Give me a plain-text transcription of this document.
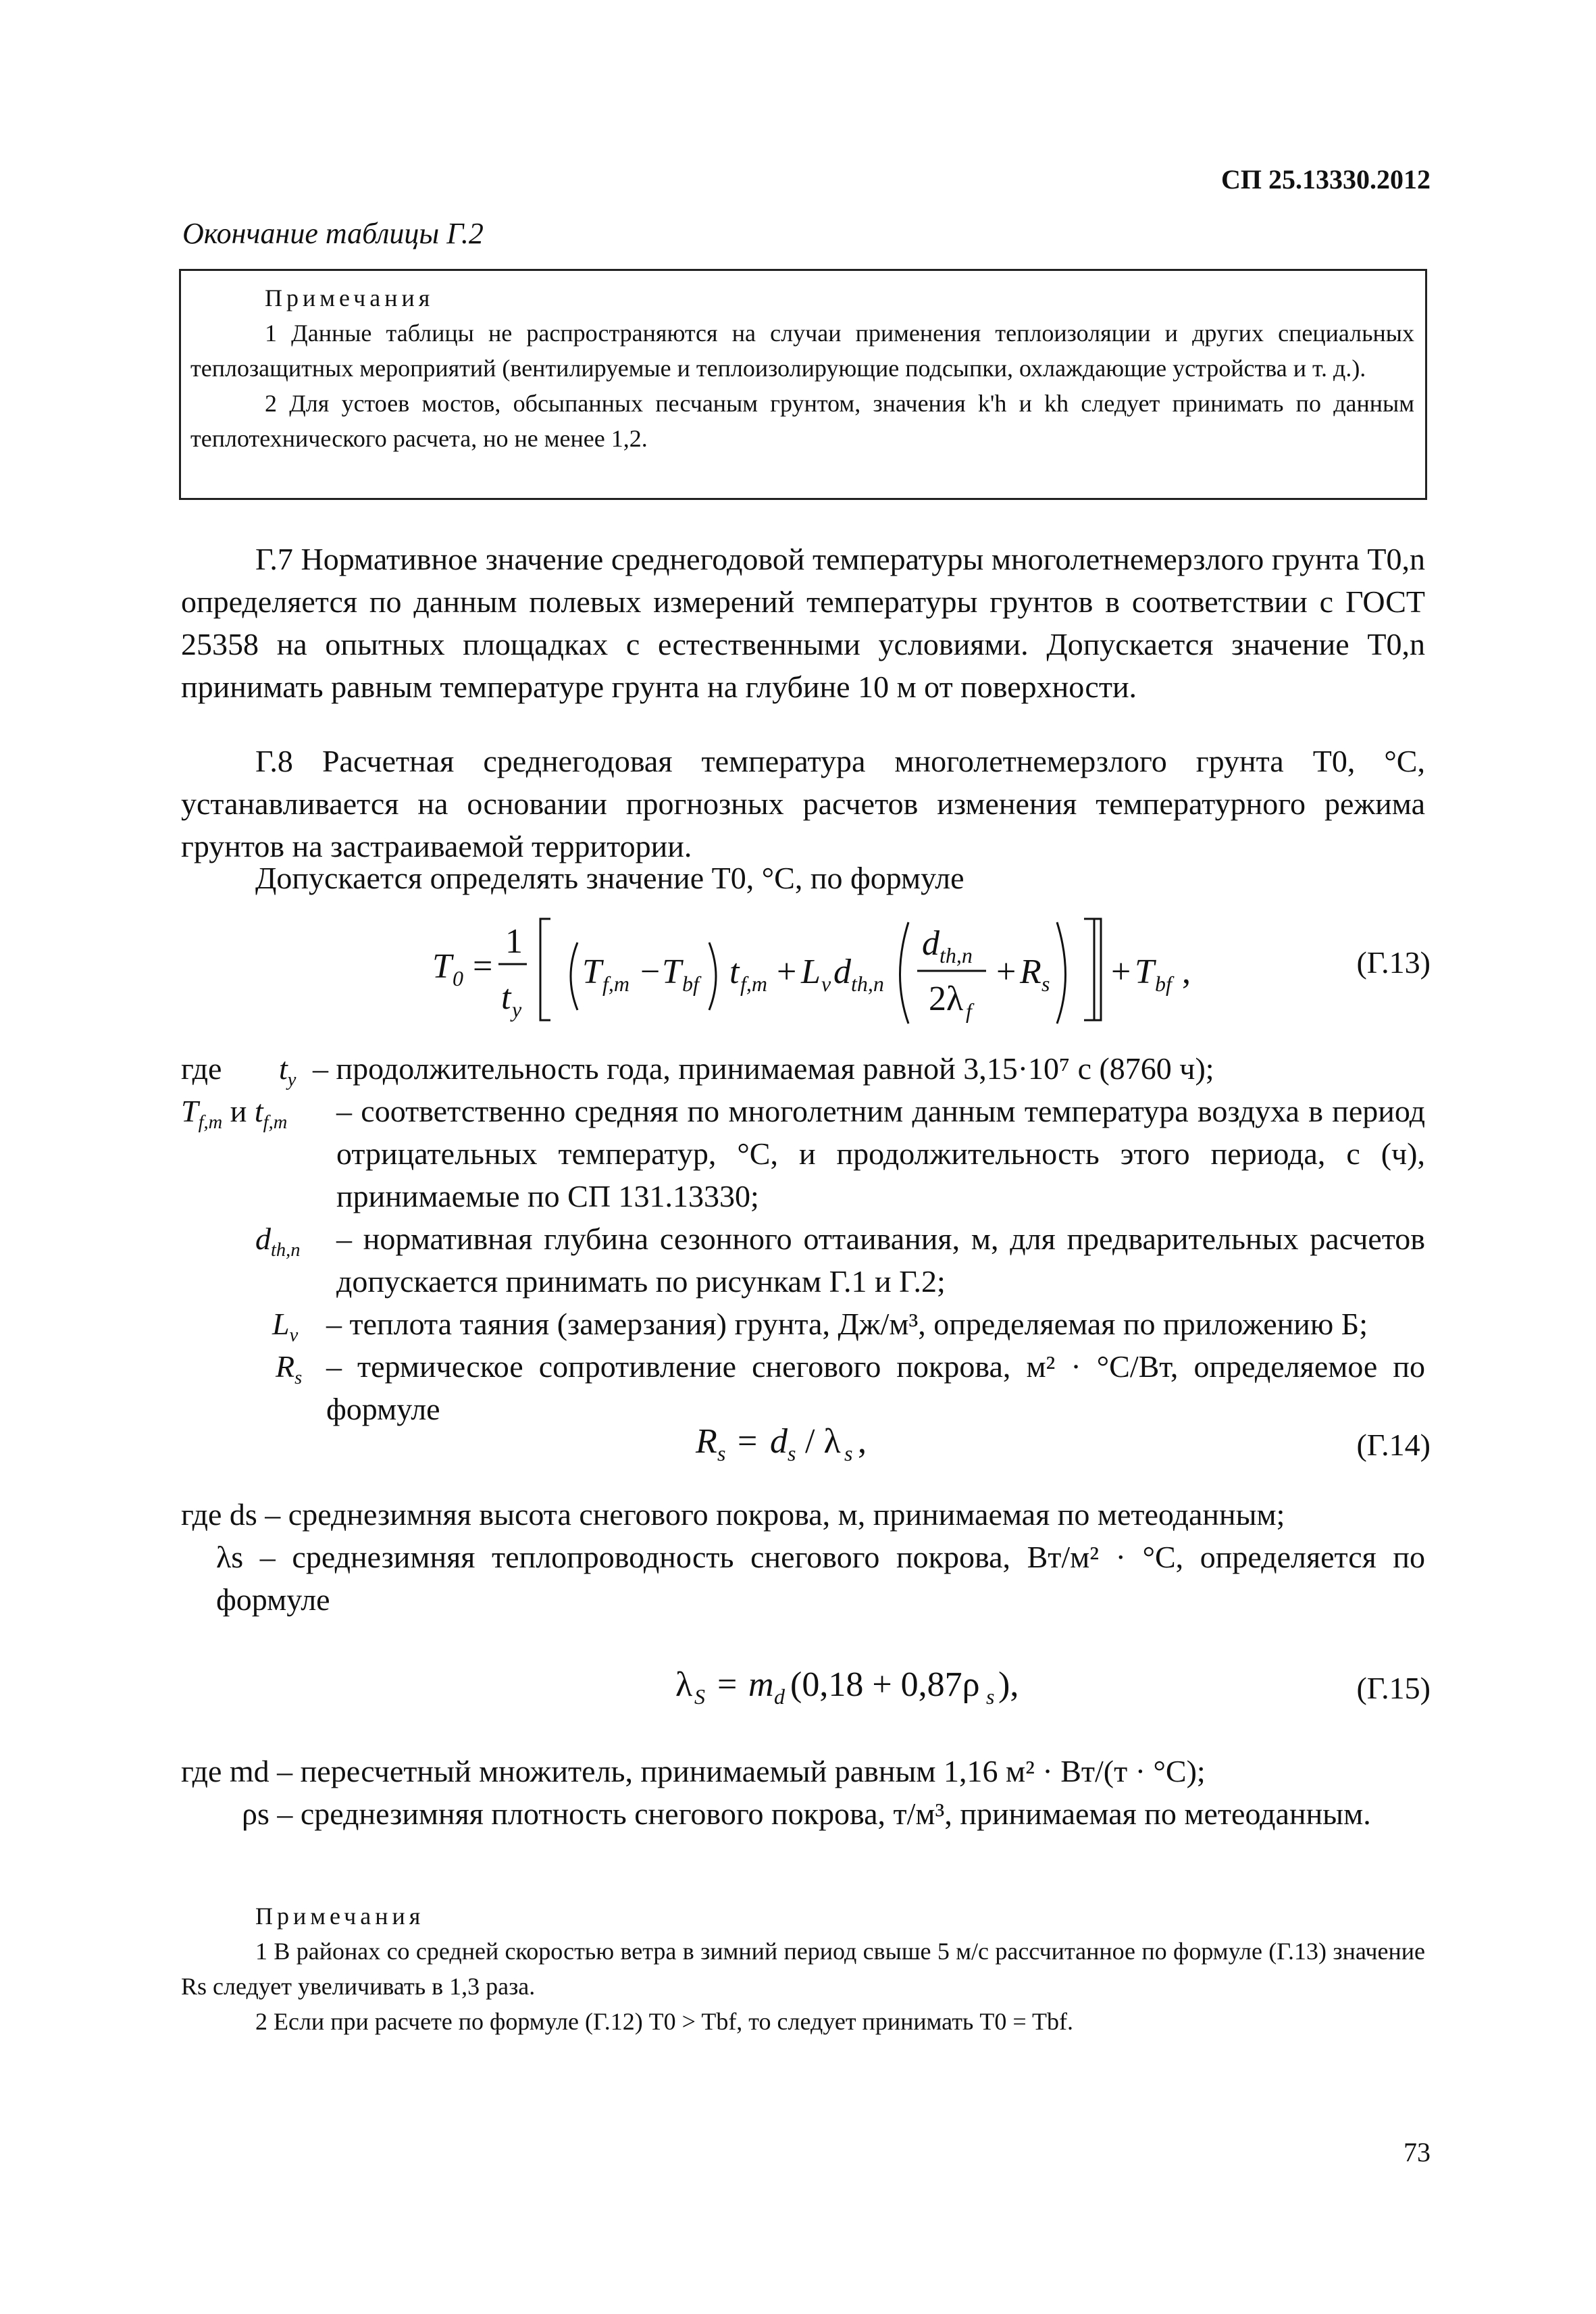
СП 25.13330.2012
Окончание таблицы Г.2
Примечания

1 Данные таблицы не распространяются на случаи применения теплоизоляции и других специальных теплозащитных мероприятий (вентилируемые и теплоизолирующие подсыпки, охлаждающие устройства и т. д.).

2 Для устоев мостов, обсыпанных песчаным грунтом, значения k'h и kh следует принимать по данным теплотехнического расчета, но не менее 1,2.

Г.7 Нормативное значение среднегодовой температуры многолетнемерзлого грунта T0,n определяется по данным полевых измерений температуры грунтов в соответствии с ГОСТ 25358 на опытных площадках с естественными условиями. Допускается значение T0,n принимать равным температуре грунта на глубине 10 м от поверхности.

Г.8 Расчетная среднегодовая температура многолетнемерзлого грунта T0, °C, устанавливается на основании прогнозных расчетов изменения температурного режима грунтов на застраиваемой территории.

Допускается определять значение T0, °C, по формуле

T 0 =
1
t y
T f,m − T bf t f,m + L v d th,n
d th,n
2λ f
+ R s + T bf ,	(Г.13)
где $t_y$ – продолжительность года, принимаемая равной 3,15·10⁷ с (8760 ч);
$T_{f,m}$ и $t_{f,m}$ – соответственно средняя по многолетним данным температура воздуха в период отрицательных температур, °C, и продолжительность этого периода, с (ч), принимаемые по СП 131.13330;
$d_{th,n}$ – нормативная глубина сезонного оттаивания, м, для предварительных расчетов допускается принимать по рисункам Г.1 и Г.2;
$L_v$ – теплота таяния (замерзания) грунта, Дж/м³, определяемая по приложению Б;
$R_s$ – термическое сопротивление снегового покрова, м² · °С/Вт, определяемое по формуле
R s = d s / λ s ,	(Г.14)
где ds – среднезимняя высота снегового покрова, м, принимаемая по метеоданным;
λs – среднезимняя теплопроводность снегового покрова, Вт/м² · °С, определяется по формуле
λ S = m d (0,18 + 0,87ρ s ),	(Г.15)
где md – пересчетный множитель, принимаемый равным 1,16 м² · Вт/(т · °С);
ρs – среднезимняя плотность снегового покрова, т/м³, принимаемая по метеоданным.
Примечания

1 В районах со средней скоростью ветра в зимний период свыше 5 м/с рассчитанное по формуле (Г.13) значение Rs следует увеличивать в 1,3 раза.

2 Если при расчете по формуле (Г.12) T0 > Tbf, то следует принимать T0 = Tbf.

73
